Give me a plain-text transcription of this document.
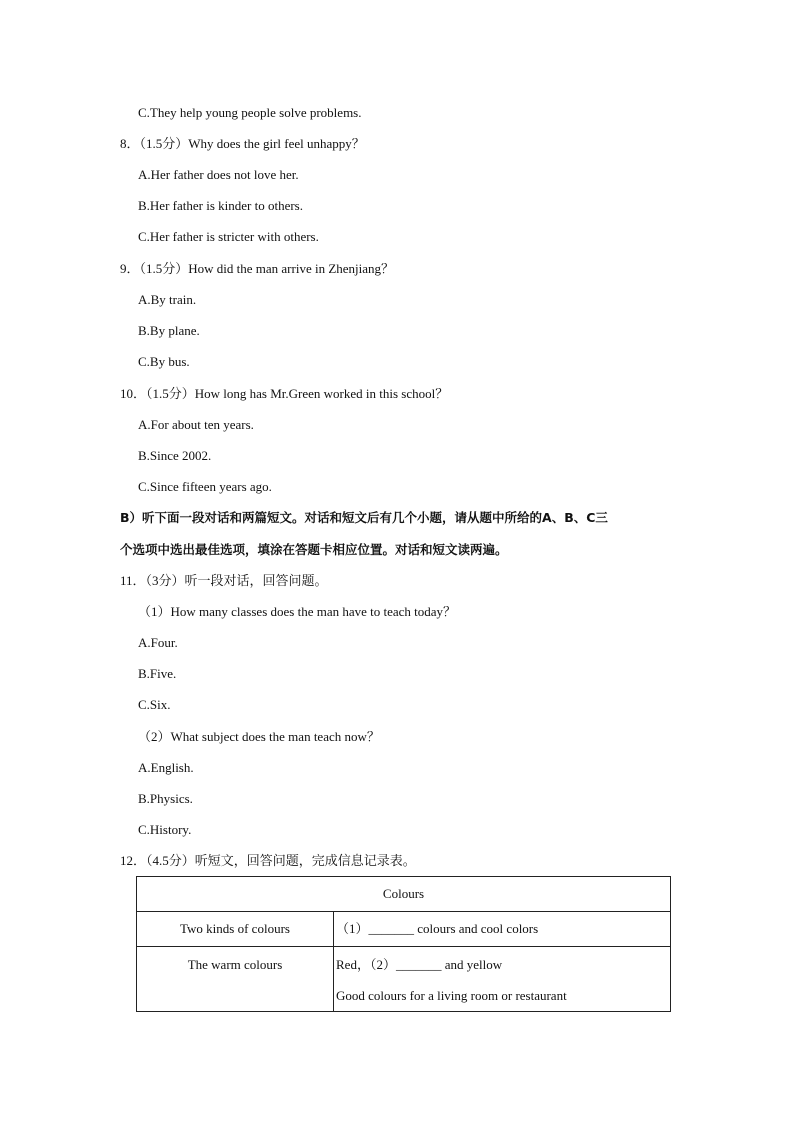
C.They help young people solve problems.
8．（1.5分）Why does the girl feel unhappy？
A.Her father does not love her.
B.Her father is kinder to others.
C.Her father is stricter with others.
9．（1.5分）How did the man arrive in Zhenjiang？
A.By train.
B.By plane.
C.By bus.
10．（1.5分）How long has Mr.Green worked in this school？
A.For about ten years.
B.Since 2002.
C.Since fifteen years ago.
B）听下面一段对话和两篇短文。对话和短文后有几个小题，请从题中所给的A、B、C三
个选项中选出最佳选项，填涂在答题卡相应位置。对话和短文读两遍。
11．（3分）听一段对话，回答问题。
（1）How many classes does the man have to teach today？
A.Four.
B.Five.
C.Six.
（2）What subject does the man teach now？
A.English.
B.Physics.
C.History.
12．（4.5分）听短文，回答问题，完成信息记录表。
Colours	
Two kinds of colours	（1）_______ colours and cool colors

The warm colours	Red，（2）_______ and yellow
Good colours for a living room or restaurant
